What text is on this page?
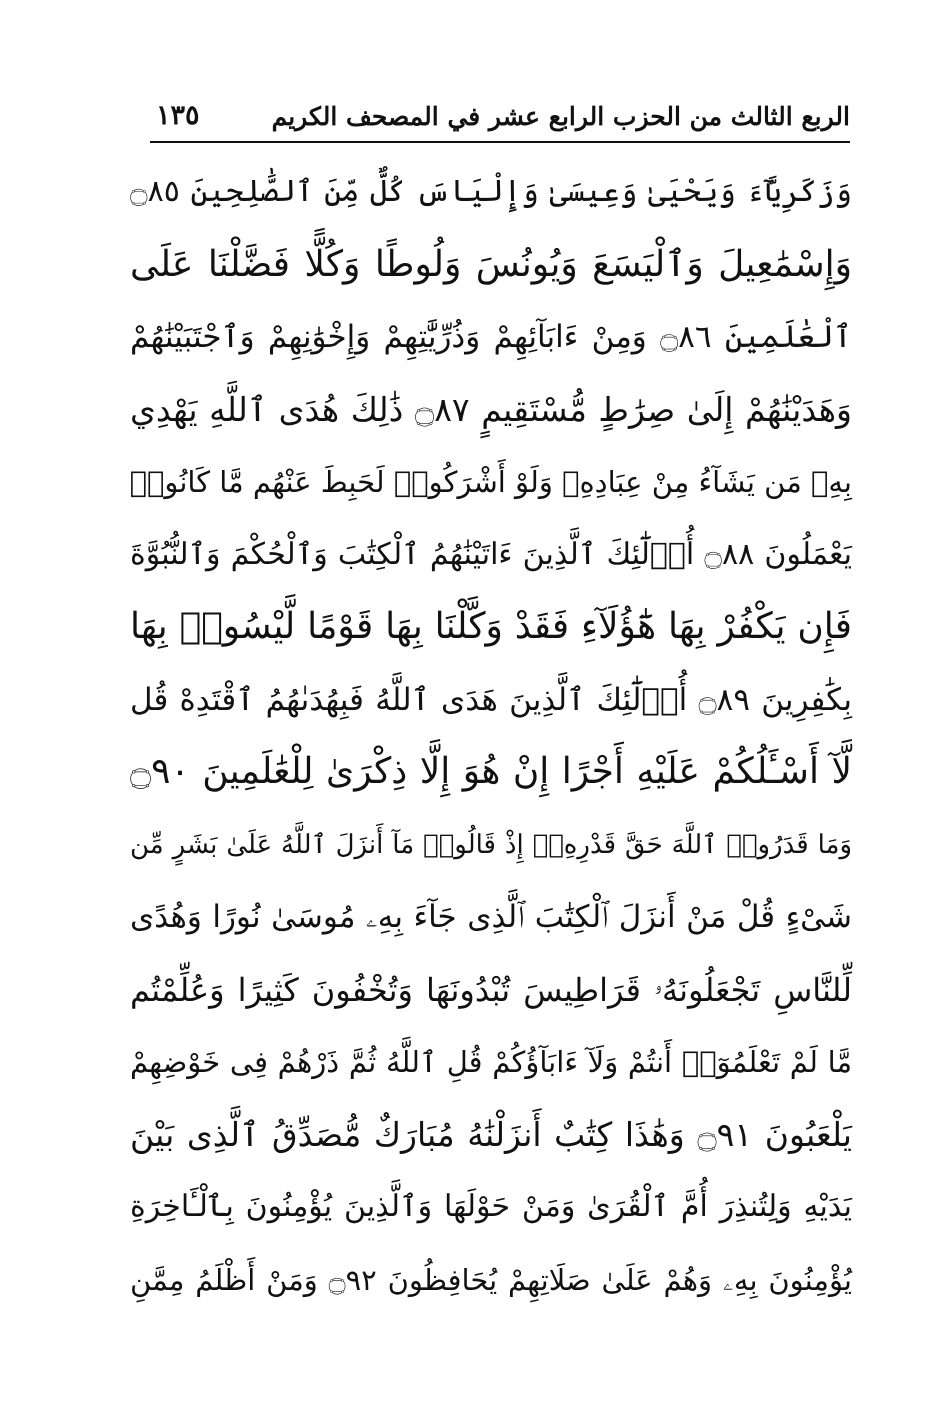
الربع الثالث من الحزب الرابع عشر في المصحف الكريم
١٣٥
وَزَكَرِيَّآءَ وَيَحْيَىٰ وَعِيسَىٰ وَإِلْيَاسَ كُلٌّ مِّنَ ٱلصَّٰلِحِينَ ۝٨٥
وَإِسْمَٰعِيلَ وَٱلْيَسَعَ وَيُونُسَ وَلُوطًا وَكُلًّا فَضَّلْنَا عَلَى
ٱلْعَٰلَمِينَ ۝٨٦ وَمِنْ ءَابَآئِهِمْ وَذُرِّيَّٰتِهِمْ وَإِخْوَٰنِهِمْ وَٱجْتَبَيْنَٰهُمْ
وَهَدَيْنَٰهُمْ إِلَىٰ صِرَٰطٍ مُّسْتَقِيمٍ ۝٨٧ ذَٰلِكَ هُدَى ٱللَّهِ يَهْدِي
بِهِۦ مَن يَشَآءُ مِنْ عِبَادِهِۦ وَلَوْ أَشْرَكُوا۟ لَحَبِطَ عَنْهُم مَّا كَانُوا۟
يَعْمَلُونَ ۝٨٨ أُو۟لَٰٓئِكَ ٱلَّذِينَ ءَاتَيْنَٰهُمُ ٱلْكِتَٰبَ وَٱلْحُكْمَ وَٱلنُّبُوَّةَ
فَإِن يَكْفُرْ بِهَا هَٰٓؤُلَآءِ فَقَدْ وَكَّلْنَا بِهَا قَوْمًا لَّيْسُوا۟ بِهَا
بِكَٰفِرِينَ ۝٨٩ أُو۟لَٰٓئِكَ ٱلَّذِينَ هَدَى ٱللَّهُ فَبِهُدَىٰهُمُ ٱقْتَدِهْ قُل
لَّآ أَسْـَٔلُكُمْ عَلَيْهِ أَجْرًا إِنْ هُوَ إِلَّا ذِكْرَىٰ لِلْعَٰلَمِينَ ۝٩٠
وَمَا قَدَرُوا۟ ٱللَّهَ حَقَّ قَدْرِهِۦٓ إِذْ قَالُوا۟ مَآ أَنزَلَ ٱللَّهُ عَلَىٰ بَشَرٍ مِّن
شَىْءٍ قُلْ مَنْ أَنزَلَ ٱلْكِتَٰبَ ٱلَّذِى جَآءَ بِهِۦ مُوسَىٰ نُورًا وَهُدًى
لِّلنَّاسِ تَجْعَلُونَهُۥ قَرَاطِيسَ تُبْدُونَهَا وَتُخْفُونَ كَثِيرًا وَعُلِّمْتُم
مَّا لَمْ تَعْلَمُوٓا۟ أَنتُمْ وَلَآ ءَابَآؤُكُمْ قُلِ ٱللَّهُ ثُمَّ ذَرْهُمْ فِى خَوْضِهِمْ
يَلْعَبُونَ ۝٩١ وَهَٰذَا كِتَٰبٌ أَنزَلْنَٰهُ مُبَارَكٌ مُّصَدِّقُ ٱلَّذِى بَيْنَ
يَدَيْهِ وَلِتُنذِرَ أُمَّ ٱلْقُرَىٰ وَمَنْ حَوْلَهَا وَٱلَّذِينَ يُؤْمِنُونَ بِٱلْـَٔاخِرَةِ
يُؤْمِنُونَ بِهِۦ وَهُمْ عَلَىٰ صَلَاتِهِمْ يُحَافِظُونَ ۝٩٢ وَمَنْ أَظْلَمُ مِمَّنِ
